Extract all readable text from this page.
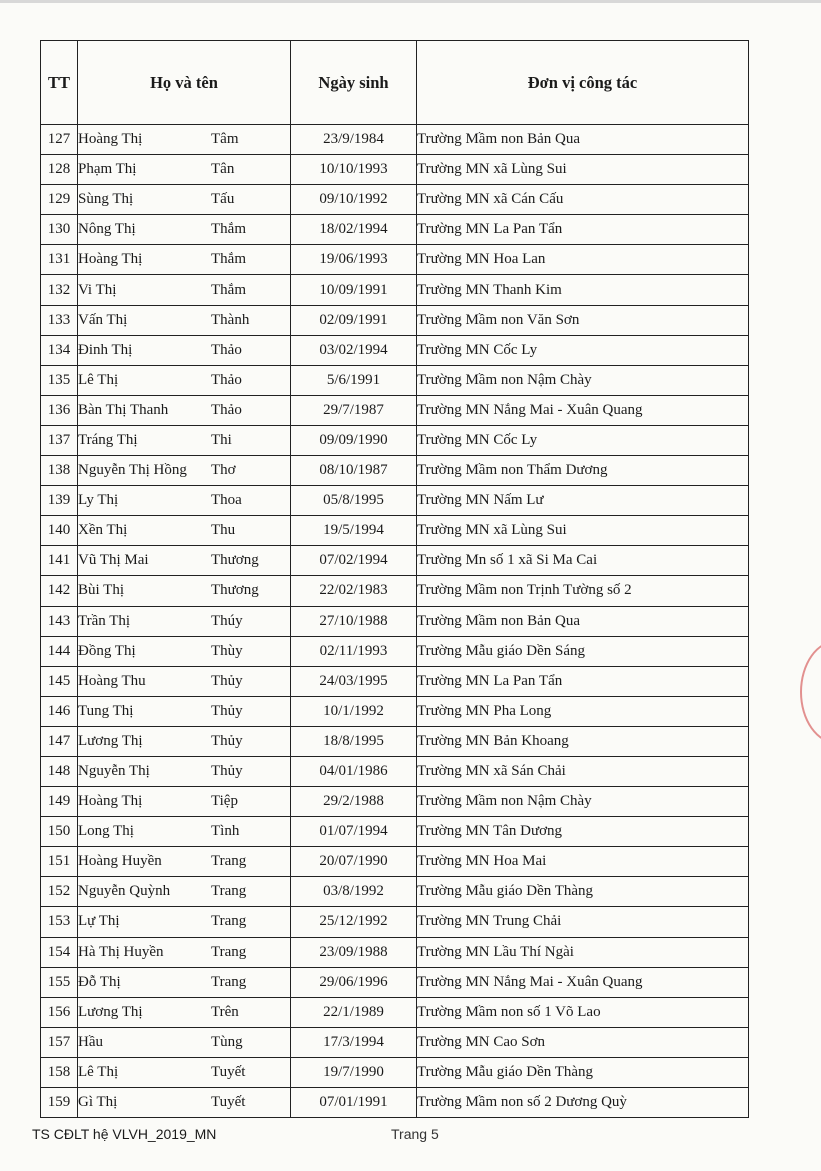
TT	Họ và tên	Ngày sinh	Đơn vị công tác
127	Hoàng Thị Tâm	23/9/1984	Trường Mầm non Bản Qua
128	Phạm Thị Tân	10/10/1993	Trường MN xã Lùng Sui
129	Sùng Thị Tấu	09/10/1992	Trường MN xã Cán Cấu
130	Nông Thị Thắm	18/02/1994	Trường MN La Pan Tẩn
131	Hoàng Thị Thắm	19/06/1993	Trường MN Hoa Lan
132	Vi Thị Thắm	10/09/1991	Trường MN Thanh Kim
133	Vấn Thị Thành	02/09/1991	Trường Mầm non Văn Sơn
134	Đinh Thị Thảo	03/02/1994	Trường MN Cốc Ly
135	Lê Thị Thảo	5/6/1991	Trường Mầm non Nậm Chày
136	Bàn Thị Thanh Thảo	29/7/1987	Trường MN Nắng Mai - Xuân Quang
137	Tráng Thị Thi	09/09/1990	Trường MN Cốc Ly
138	Nguyễn Thị Hồng Thơ	08/10/1987	Trường Mầm non Thẩm Dương
139	Ly Thị Thoa	05/8/1995	Trường MN Nấm Lư
140	Xền Thị Thu	19/5/1994	Trường MN xã Lùng Sui
141	Vũ Thị Mai Thương	07/02/1994	Trường Mn số 1 xã Si Ma Cai
142	Bùi Thị Thương	22/02/1983	Trường Mầm non Trịnh Tường số 2
143	Trần Thị Thúy	27/10/1988	Trường Mầm non Bản Qua
144	Đồng Thị Thùy	02/11/1993	Trường Mẫu giáo Dền Sáng
145	Hoàng Thu Thủy	24/03/1995	Trường MN La Pan Tẩn
146	Tung Thị Thủy	10/1/1992	Trường MN Pha Long
147	Lương Thị Thủy	18/8/1995	Trường MN Bản Khoang
148	Nguyễn Thị Thủy	04/01/1986	Trường MN xã Sán Chải
149	Hoàng Thị Tiệp	29/2/1988	Trường Mầm non Nậm Chày
150	Long Thị Tình	01/07/1994	Trường MN Tân Dương
151	Hoàng Huyền Trang	20/07/1990	Trường MN Hoa Mai
152	Nguyễn Quỳnh Trang	03/8/1992	Trường Mẫu giáo Dền Thàng
153	Lự Thị Trang	25/12/1992	Trường MN Trung Chải
154	Hà Thị Huyền Trang	23/09/1988	Trường MN Lầu Thí Ngài
155	Đỗ Thị Trang	29/06/1996	Trường MN Nắng Mai - Xuân Quang
156	Lương Thị Trên	22/1/1989	Trường Mầm non số 1 Võ Lao
157	Hầu Tùng	17/3/1994	Trường MN Cao Sơn
158	Lê Thị Tuyết	19/7/1990	Trường Mẫu giáo Dền Thàng
159	Gì Thị Tuyết	07/01/1991	Trường Mầm non số 2 Dương Quỳ
TS CĐLT hệ VLVH_2019_MN	Trang 5
